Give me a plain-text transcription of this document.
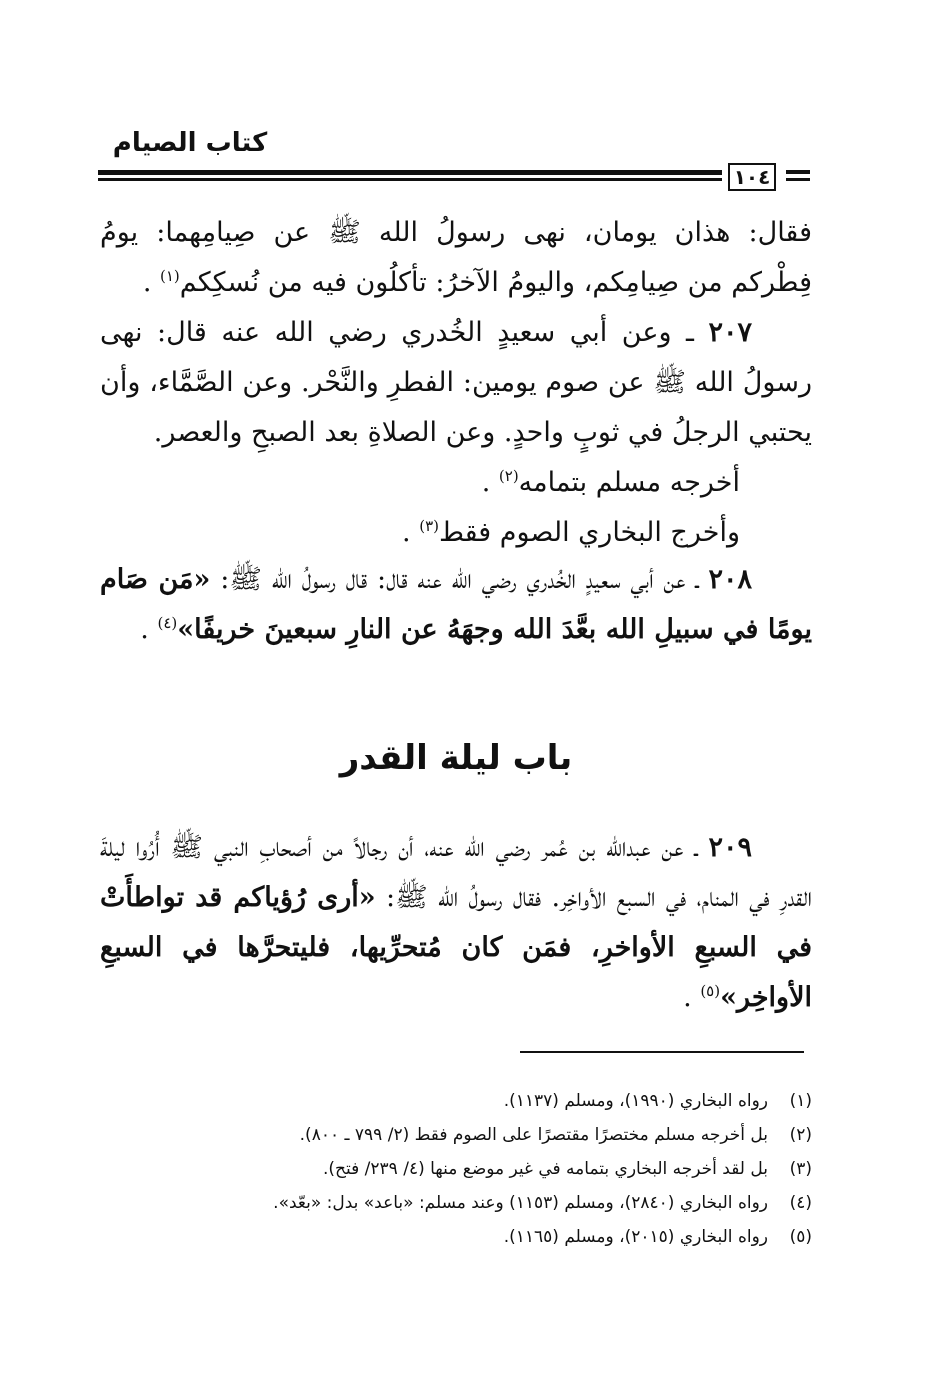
كتاب الصيام
١٠٤

فقال: هذان يومان، نهى رسولُ الله ﷺ عن صِيامِهما: يومُ فِطْركم من صِيامِكم، واليومُ الآخرُ: تأكلُون فيه من نُسكِكم$^{(١)}$ .

٢٠٧ ـ وعن أبي سعيدٍ الخُدري رضي الله عنه قال: نهى رسولُ الله ﷺ عن صوم يومين: الفطرِ والنَّحْر. وعن الصَّمَّاء، وأن يحتبي الرجلُ في ثوبٍ واحدٍ. وعن الصلاةِ بعد الصبحِ والعصر.

أخرجه مسلم بتمامه$^{(٢)}$ .

وأخرج البخاري الصوم فقط$^{(٣)}$ .

٢٠٨ ـ عن أبي سعيدٍ الخُدري رضي الله عنه قال: قال رسولُ الله ﷺ: «مَن صَام يومًا في سبيلِ الله بعَّدَ الله وجهَهُ عن النارِ سبعينَ خريفًا»$^{(٤)}$ .

باب ليلة القدر

٢٠٩ ـ عن عبدالله بن عُمر رضي الله عنه، أن رجالاً من أصحابِ النبي ﷺ أُرُوا ليلةَ القدرِ في المنام، في السبع الأواخِر. فقال رسولُ الله ﷺ: «أرى رُؤياكم قد تواطأَتْ في السبعِ الأواخرِ، فمَن كان مُتحرِّيها، فليتحرَّها في السبعِ الأواخِر»$^{(٥)}$ .

(١)رواه البخاري (١٩٩٠)، ومسلم (١١٣٧).
(٢)بل أخرجه مسلم مختصرًا مقتصرًا على الصوم فقط (٢/ ٧٩٩ ـ ٨٠٠).
(٣)بل لقد أخرجه البخاري بتمامه في غير موضع منها (٤/ ٢٣٩/ فتح).
(٤)رواه البخاري (٢٨٤٠)، ومسلم (١١٥٣) وعند مسلم: «باعد» بدل: «بعّد».
(٥)رواه البخاري (٢٠١٥)، ومسلم (١١٦٥).
